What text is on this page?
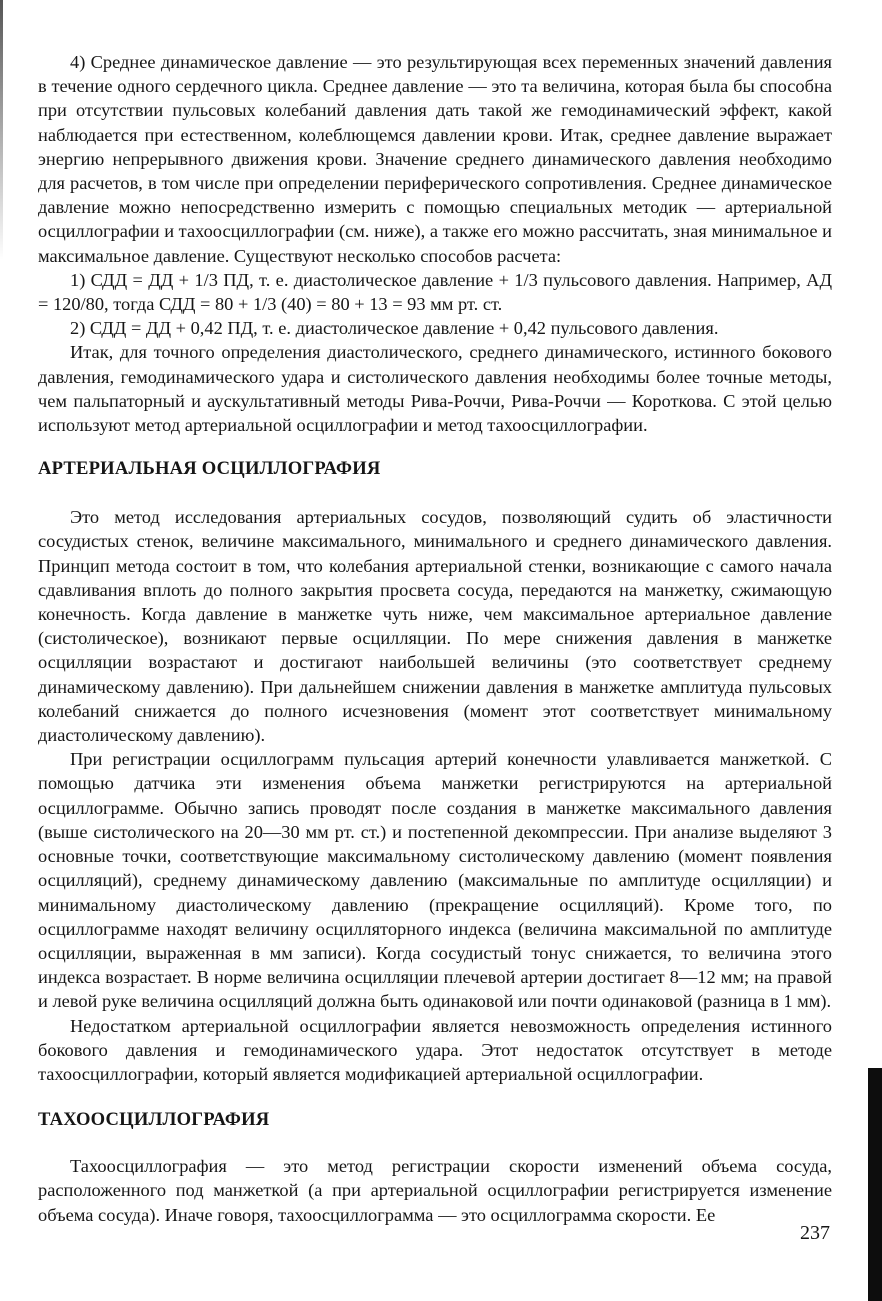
4) Среднее динамическое давление — это результирующая всех переменных значений давления в течение одного сердечного цикла. Среднее давление — это та величина, которая была бы способна при отсутствии пульсовых колебаний давления дать такой же гемодинамический эффект, какой наблюдается при естественном, колеблющемся давлении крови. Итак, среднее давление выражает энергию непрерывного движения крови. Значение среднего динамического давления необходимо для расчетов, в том числе при определении периферического сопротивления. Среднее динамическое давление можно непосредственно измерить с помощью специальных методик — артериальной осциллографии и тахоосциллографии (см. ниже), а также его можно рассчитать, зная минимальное и максимальное давление. Существуют несколько способов расчета:

1) СДД = ДД + 1/3 ПД, т. е. диастолическое давление + 1/3 пульсового давления. Например, АД = 120/80, тогда СДД = 80 + 1/3 (40) = 80 + 13 = 93 мм рт. ст.

2) СДД = ДД + 0,42 ПД, т. е. диастолическое давление + 0,42 пульсового давления.

Итак, для точного определения диастолического, среднего динамического, истинного бокового давления, гемодинамического удара и систолического давления необходимы более точные методы, чем пальпаторный и аускультативный методы Рива-Роччи, Рива-Роччи — Короткова. С этой целью используют метод артериальной осциллографии и метод тахоосциллографии.

АРТЕРИАЛЬНАЯ ОСЦИЛЛОГРАФИЯ

Это метод исследования артериальных сосудов, позволяющий судить об эластичности сосудистых стенок, величине максимального, минимального и среднего динамического давления. Принцип метода состоит в том, что колебания артериальной стенки, возникающие с самого начала сдавливания вплоть до полного закрытия просвета сосуда, передаются на манжетку, сжимающую конечность. Когда давление в манжетке чуть ниже, чем максимальное артериальное давление (систолическое), возникают первые осцилляции. По мере снижения давления в манжетке осцилляции возрастают и достигают наибольшей величины (это соответствует среднему динамическому давлению). При дальнейшем снижении давления в манжетке амплитуда пульсовых колебаний снижается до полного исчезновения (момент этот соответствует минимальному диастолическому давлению).

При регистрации осциллограмм пульсация артерий конечности улавливается манжеткой. С помощью датчика эти изменения объема манжетки регистрируются на артериальной осциллограмме. Обычно запись проводят после создания в манжетке максимального давления (выше систолического на 20—30 мм рт. ст.) и постепенной декомпрессии. При анализе выделяют 3 основные точки, соответствующие максимальному систолическому давлению (момент появления осцилляций), среднему динамическому давлению (максимальные по амплитуде осцилляции) и минимальному диастолическому давлению (прекращение осцилляций). Кроме того, по осциллограмме находят величину осцилляторного индекса (величина максимальной по амплитуде осцилляции, выраженная в мм записи). Когда сосудистый тонус снижается, то величина этого индекса возрастает. В норме величина осцилляции плечевой артерии достигает 8—12 мм; на правой и левой руке величина осцилляций должна быть одинаковой или почти одинаковой (разница в 1 мм).

Недостатком артериальной осциллографии является невозможность определения истинного бокового давления и гемодинамического удара. Этот недостаток отсутствует в методе тахоосциллографии, который является модификацией артериальной осциллографии.

ТАХООСЦИЛЛОГРАФИЯ

Тахоосциллография — это метод регистрации скорости изменений объема сосуда, расположенного под манжеткой (а при артериальной осциллографии регистрируется изменение объема сосуда). Иначе говоря, тахоосциллограмма — это осциллограмма скорости. Ее

237
